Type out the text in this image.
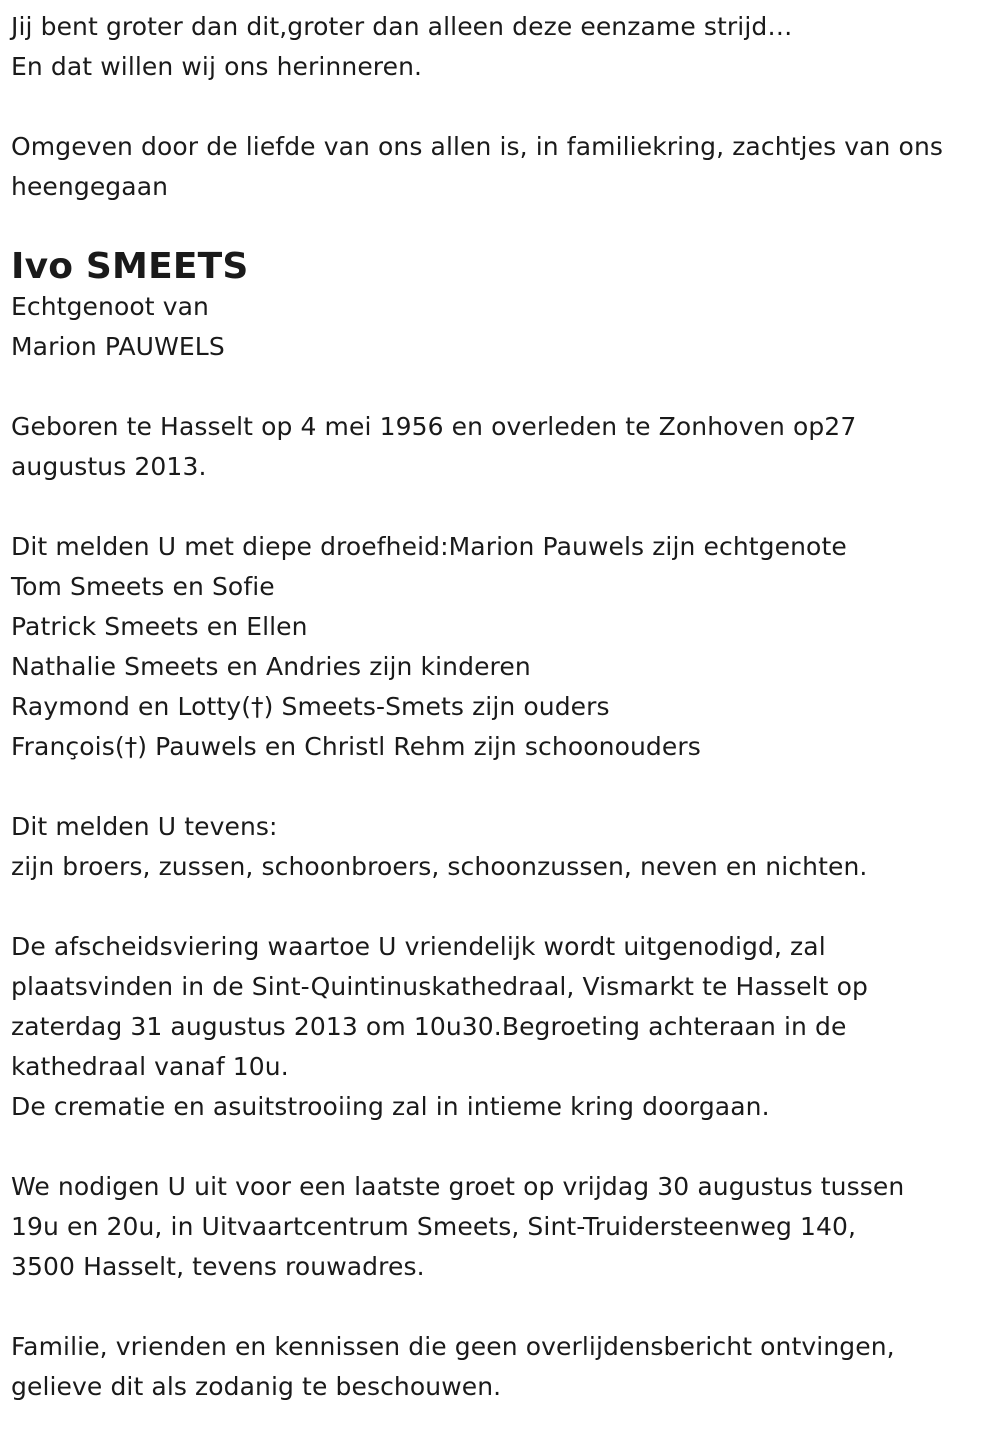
Jij bent groter dan dit,groter dan alleen deze eenzame strijd…
En dat willen wij ons herinneren.
Omgeven door de liefde van ons allen is, in familiekring, zachtjes van ons
heengegaan
Ivo SMEETS
Echtgenoot van
Marion PAUWELS
Geboren te Hasselt op 4 mei 1956 en overleden te Zonhoven op27
augustus 2013.
Dit melden U met diepe droefheid:Marion Pauwels zijn echtgenote
Tom Smeets en Sofie
Patrick Smeets en Ellen
Nathalie Smeets en Andries zijn kinderen
Raymond en Lotty(†) Smeets-Smets zijn ouders
François(†) Pauwels en Christl Rehm zijn schoonouders
Dit melden U tevens:
zijn broers, zussen, schoonbroers, schoonzussen, neven en nichten.
De afscheidsviering waartoe U vriendelijk wordt uitgenodigd, zal
plaatsvinden in de Sint-Quintinuskathedraal, Vismarkt te Hasselt op
zaterdag 31 augustus 2013 om 10u30.Begroeting achteraan in de
kathedraal vanaf 10u.
De crematie en asuitstrooiing zal in intieme kring doorgaan.
We nodigen U uit voor een laatste groet op vrijdag 30 augustus tussen
19u en 20u, in Uitvaartcentrum Smeets, Sint-Truidersteenweg 140,
3500 Hasselt, tevens rouwadres.
Familie, vrienden en kennissen die geen overlijdensbericht ontvingen,
gelieve dit als zodanig te beschouwen.
